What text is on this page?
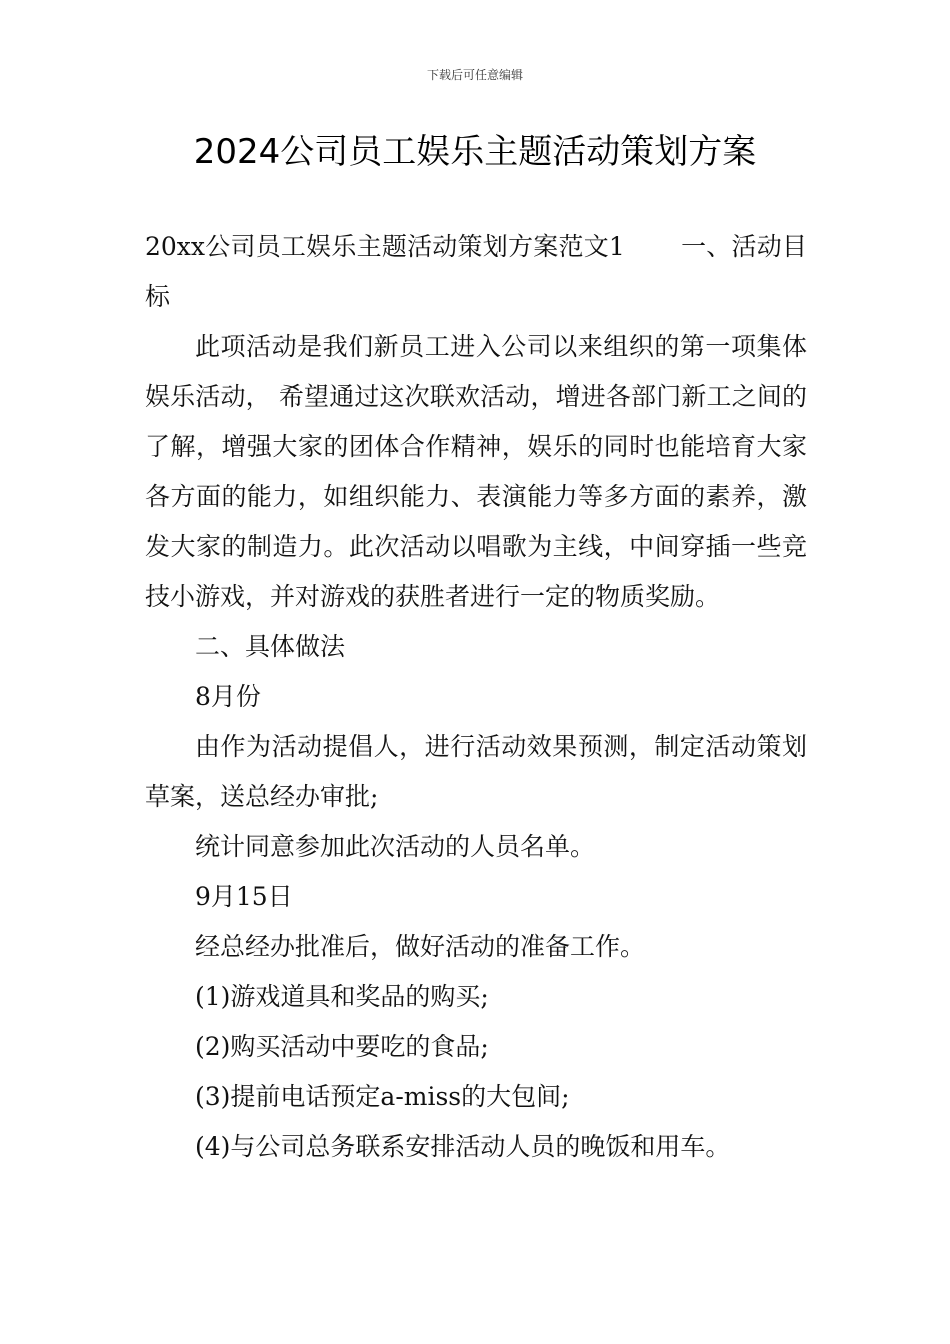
下载后可任意编辑
2024公司员工娱乐主题活动策划方案

20xx公司员工娱乐主题活动策划方案范文1 一、活动目标

此项活动是我们新员工进入公司以来组织的第一项集体娱乐活动， 希望通过这次联欢活动，增进各部门新工之间的了解，增强大家的团体合作精神，娱乐的同时也能培育大家各方面的能力，如组织能力、表演能力等多方面的素养，激发大家的制造力。此次活动以唱歌为主线，中间穿插一些竞技小游戏，并对游戏的获胜者进行一定的物质奖励。

二、具体做法

8月份

由作为活动提倡人，进行活动效果预测，制定活动策划草案，送总经办审批;

统计同意参加此次活动的人员名单。

9月15日

经总经办批准后，做好活动的准备工作。

(1)游戏道具和奖品的购买;

(2)购买活动中要吃的食品;

(3)提前电话预定a-miss的大包间;

(4)与公司总务联系安排活动人员的晚饭和用车。
